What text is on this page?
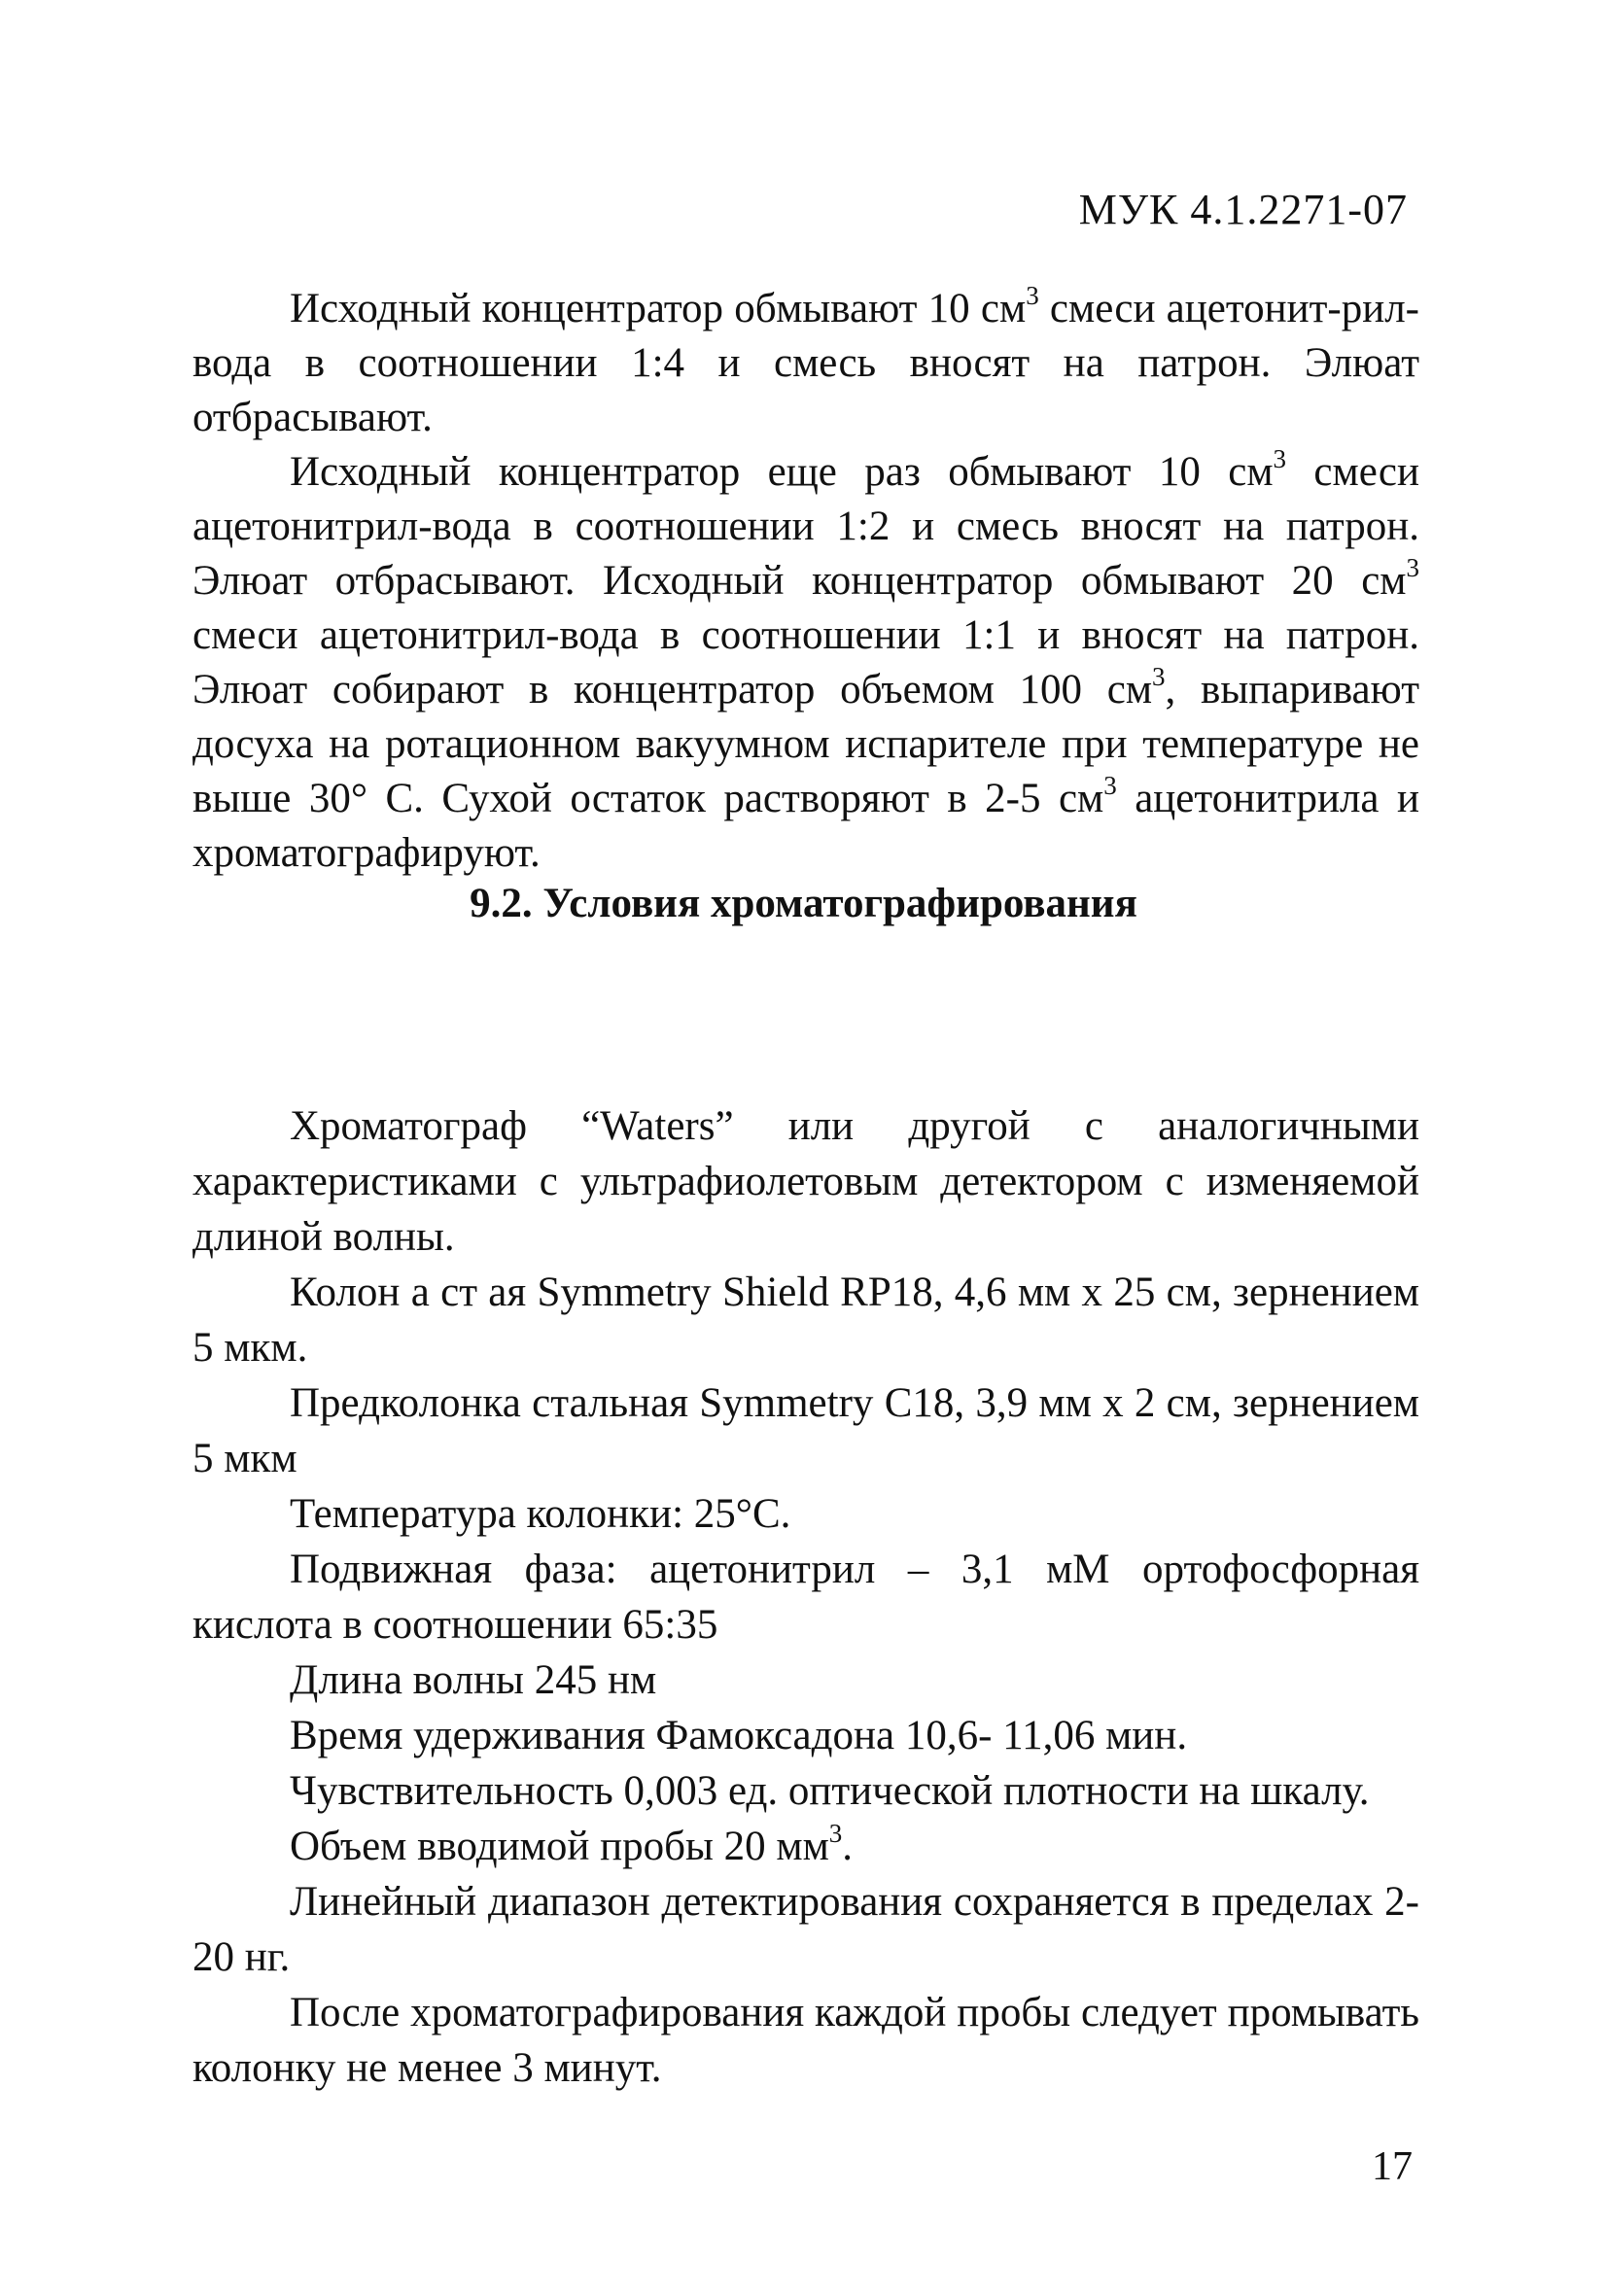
МУК 4.1.2271-07

Исходный концентратор обмывают 10 $см^3$ смеси ацетонит-рил-вода в соотношении 1:4 и смесь вносят на патрон. Элюат отбрасывают.

Исходный концентратор еще раз обмывают 10 $см^3$ смеси ацетонитрил-вода в соотношении 1:2 и смесь вносят на патрон. Элюат отбрасывают. Исходный концентратор обмывают 20 $см^3$ смеси ацетонитрил-вода в соотношении 1:1 и вносят на патрон. Элюат собирают в концентратор объемом 100 $см^3$, выпаривают досуха на ротационном вакуумном испарителе при температуре не выше 30° С. Сухой остаток растворяют в 2-5 $см^3$ ацетонитрила и хроматографируют.

9.2. Условия хроматографирования

Хроматограф “Waters” или другой с аналогичными характеристиками с ультрафиолетовым детектором с изменяемой длиной волны.

Колон а ст ая Symmetry Shield RP18, 4,6 мм x 25 см, зернением 5 мкм.

Предколонка стальная Symmetry C18, 3,9 мм x 2 см, зернением 5 мкм

Температура колонки: 25°С.

Подвижная фаза: ацетонитрил – 3,1 мМ ортофосфорная кислота в соотношении 65:35

Длина волны 245 нм

Время удерживания Фамоксадона 10,6- 11,06 мин.

Чувствительность 0,003 ед. оптической плотности на шкалу.

Объем вводимой пробы 20 $мм^3$.

Линейный диапазон детектирования сохраняется в пределах 2-20 нг.

После хроматографирования каждой пробы следует промывать колонку не менее 3 минут.

17
